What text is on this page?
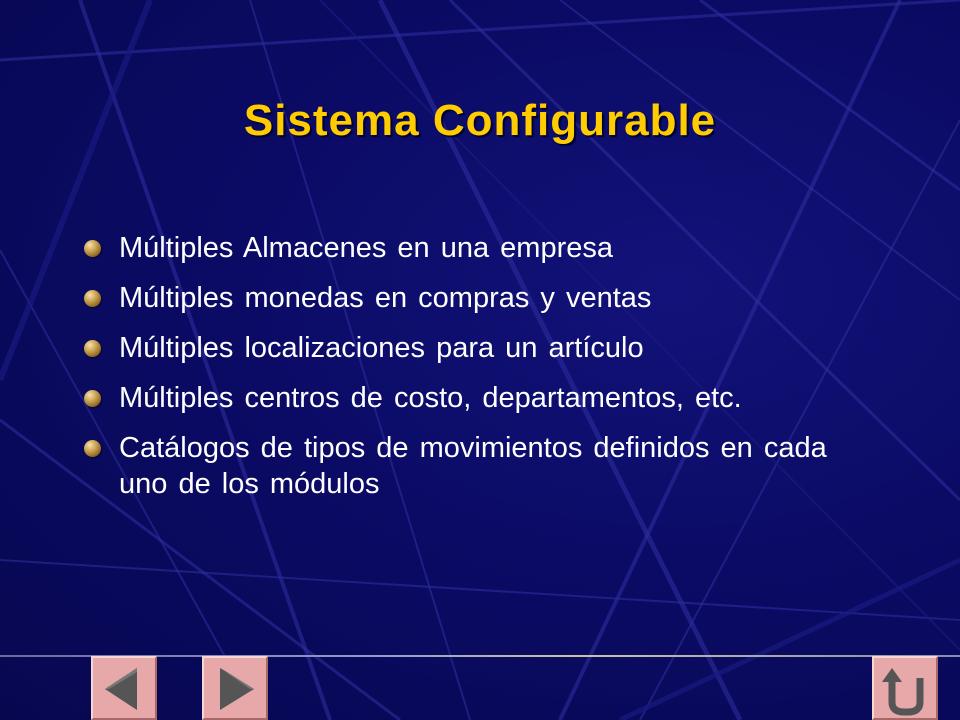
Sistema Configurable
Múltiples Almacenes en una empresa
Múltiples monedas en compras y ventas
Múltiples localizaciones para un artículo
Múltiples centros de costo, departamentos, etc.
Catálogos de tipos de movimientos definidos en cada uno de los módulos
